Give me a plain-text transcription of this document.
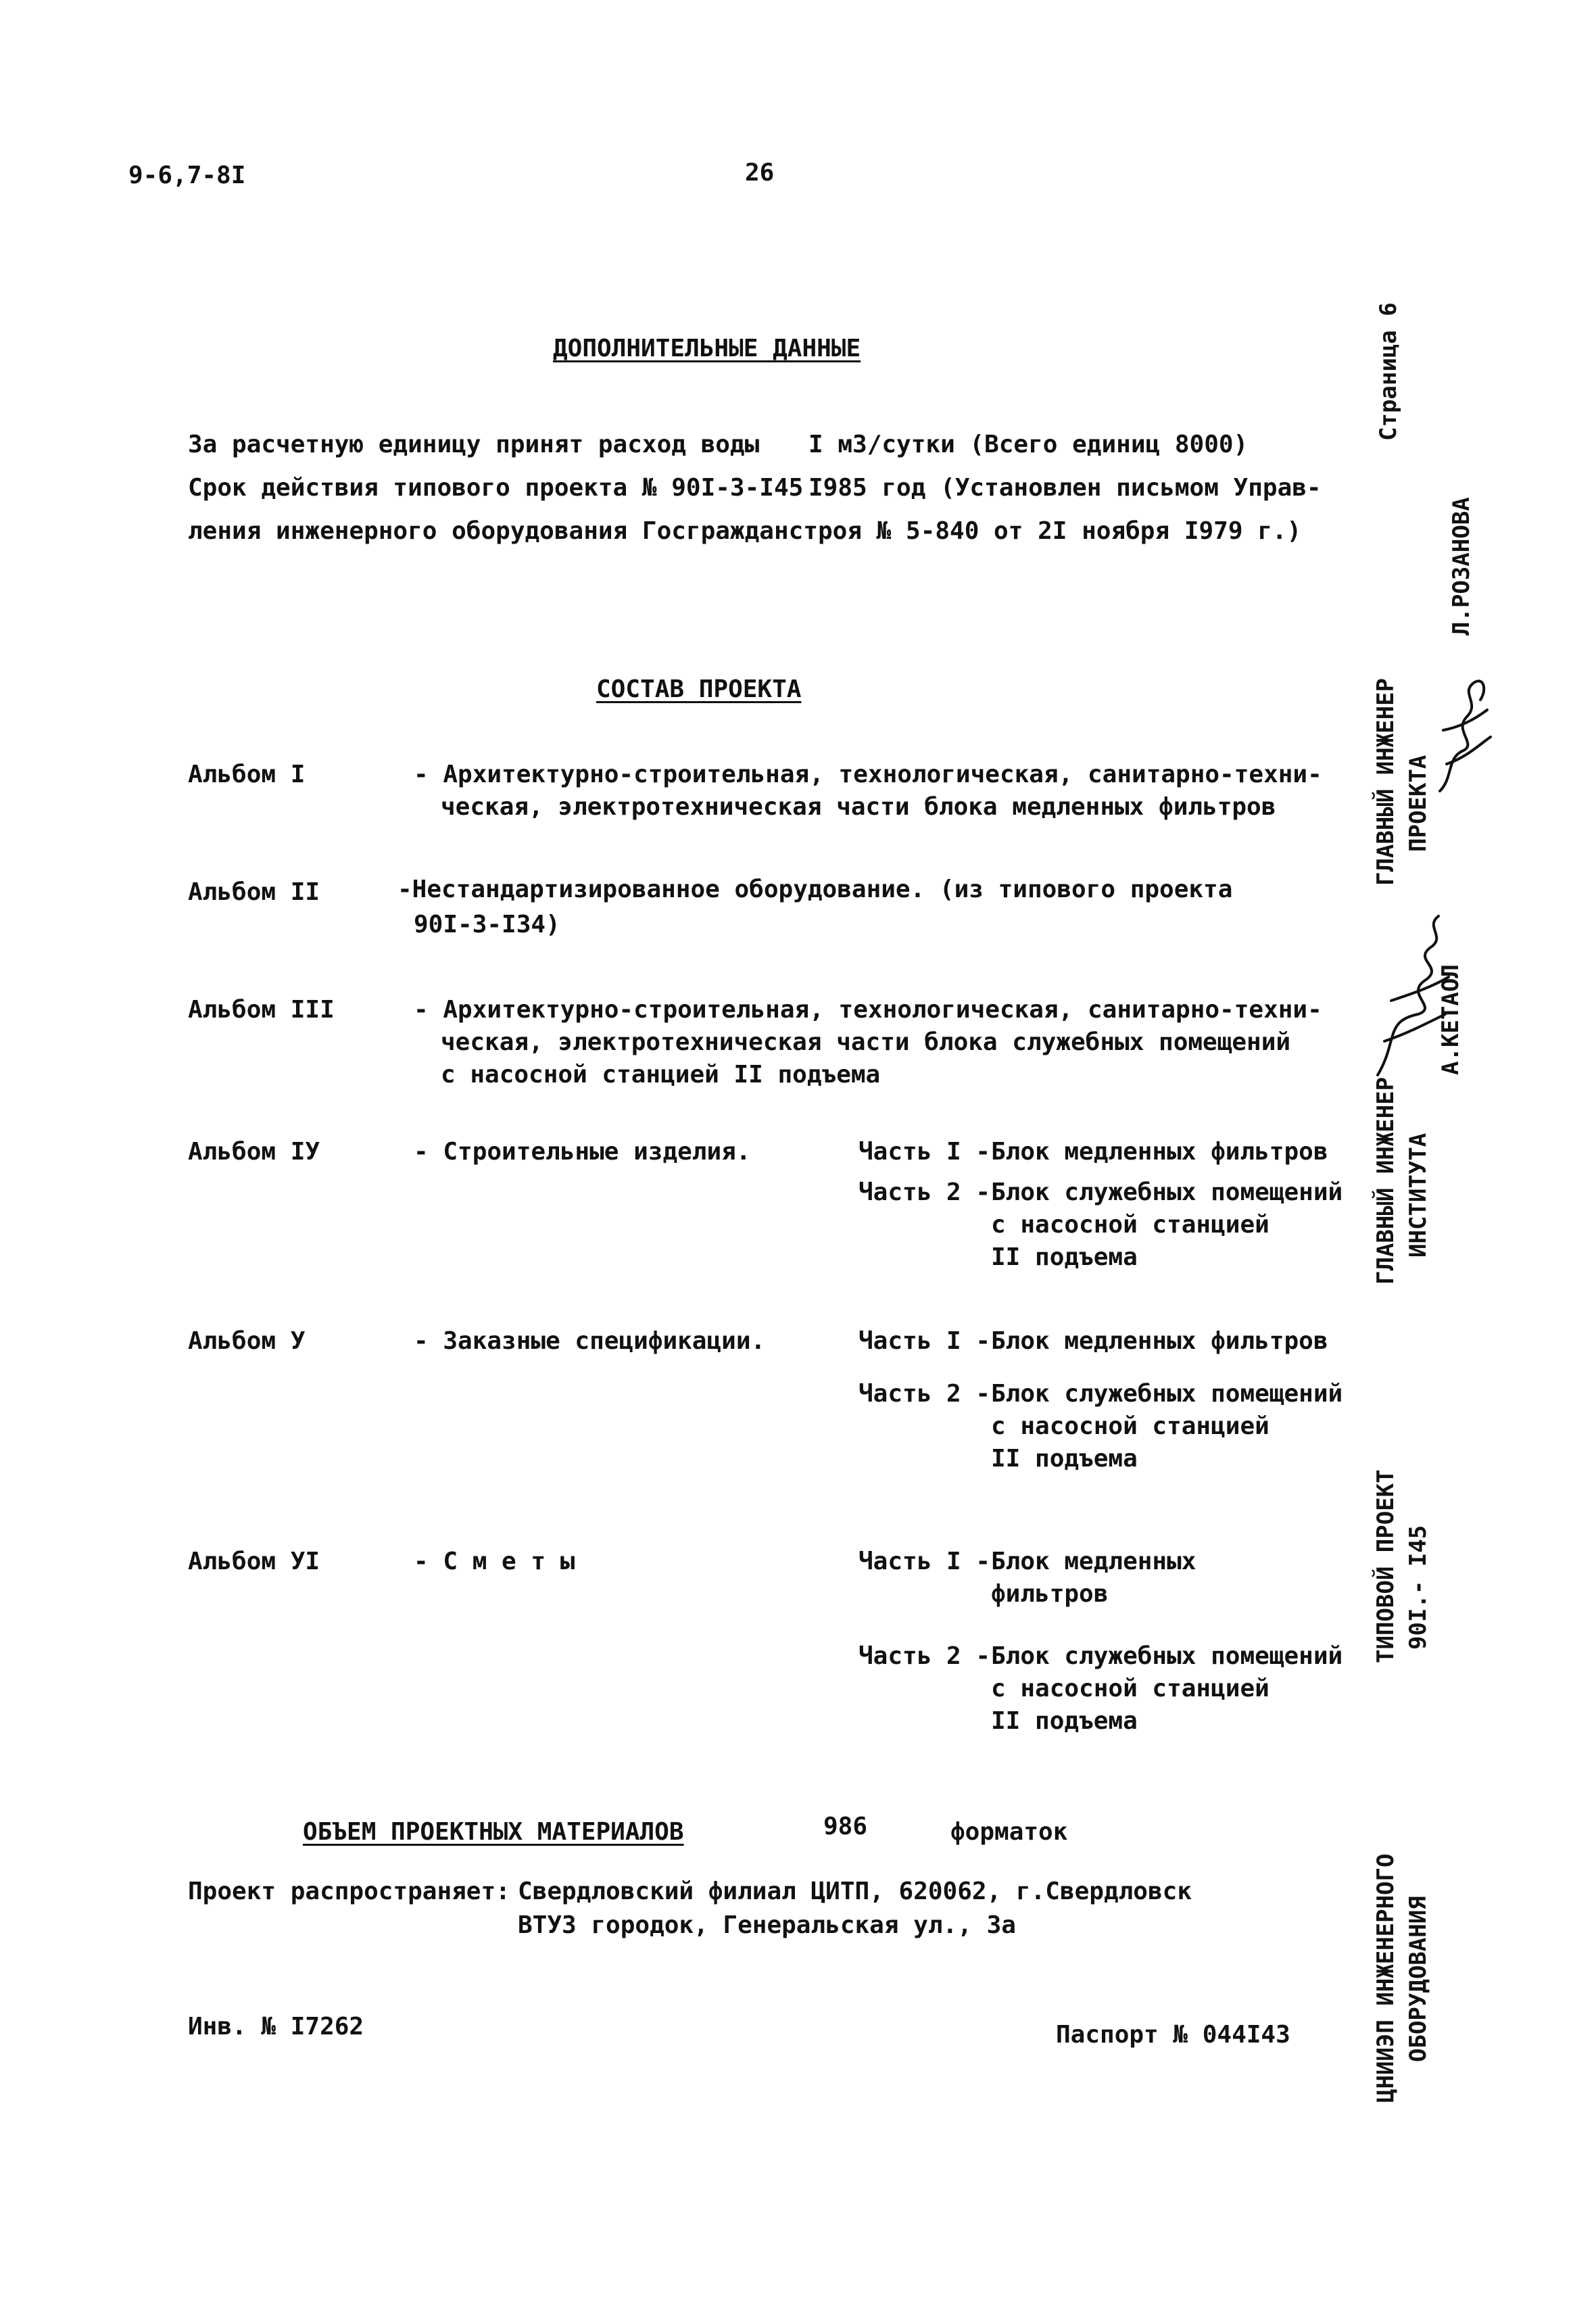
9-6,7-8I	26
ДОПОЛНИТЕЛЬНЫЕ ДАННЫЕ
За расчетную единицу принят расход воды I м3/сутки (Всего единиц 8000)
Срок действия типового проекта № 90I-3-I45 I985 год (Установлен письмом Управ-
ления инженерного оборудования Госгражданстроя № 5-840 от 2I ноября I979 г.)
СОСТАВ ПРОЕКТА
Альбом I	- Архитектурно-строительная, технологическая, санитарно-техни-
ческая, электротехническая части блока медленных фильтров
Альбом II	-Нестандартизированное оборудование. (из типового проекта
90I-3-I34)
Альбом III	- Архитектурно-строительная, технологическая, санитарно-техни-
ческая, электротехническая части блока служебных помещений
с насосной станцией II подъема
Альбом IУ	- Строительные изделия.	Часть I - Блок медленных фильтров
Часть 2 - Блок служебных помещений
с насосной станцией
II подъема
Альбом У	- Заказные спецификации.	Часть I - Блок медленных фильтров
Часть 2 - Блок служебных помещений
с насосной станцией
II подъема
Альбом УI	- С м е т ы	Часть I - Блок медленных
фильтров
Часть 2 - Блок служебных помещений
с насосной станцией
II подъема
ОБЪЕМ ПРОЕКТНЫХ МАТЕРИАЛОВ	986	форматок
Проект распространяет: Свердловский филиал ЦИТП, 620062, г.Свердловск
ВТУЗ городок, Генеральская ул., 3а
Инв. № I7262	Паспорт № 044I43
Страница 6
Л.РОЗАНОВА
ГЛАВНЫЙ ИНЖЕНЕР ПРОЕКТА
А.КЕТАОЛ
ГЛАВНЫЙ ИНЖЕНЕР ИНСТИТУТА
ТИПОВОЙ ПРОЕКТ 90I.- I45
ЦНИИЭП ИНЖЕНЕРНОГО ОБОРУДОВАНИЯ
